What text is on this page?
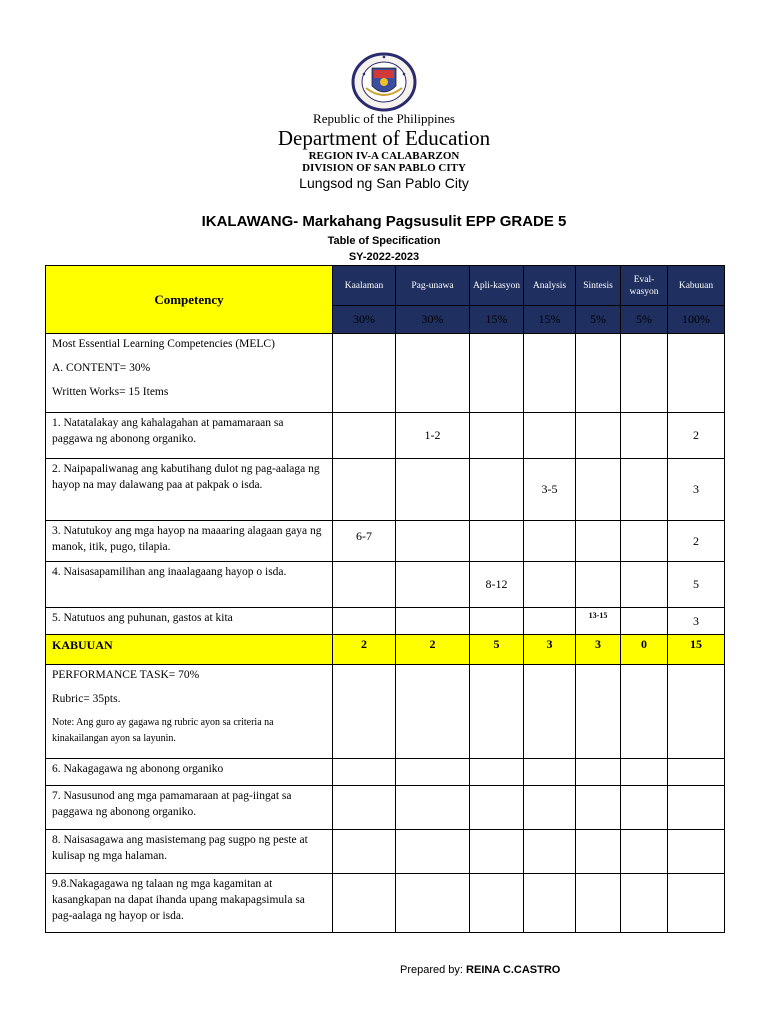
Republic of the Philippines
Department of Education
REGION IV-A CALABARZON
DIVISION OF SAN PABLO CITY
Lungsod ng San Pablo City
IKALAWANG- Markahang Pagsusulit EPP GRADE 5
Table of Specification
SY-2022-2023
Competency	Kaalaman	Pag-unawa	Apli-kasyon	Analysis	Sintesis	Eval-wasyon	Kabuuan
	30%	30%	15%	15%	5%	5%	100%

Most Essential Learning Competencies (MELC)
A. CONTENT= 30%
Written Works= 15 Items							

1. Natatalakay ang kahalagahan at pamamaraan sa paggawa ng abonong organiko.		1-2					2
2. Naipapaliwanag ang kabutihang dulot ng pag-aalaga ng hayop na may dalawang paa at pakpak o isda.				3-5			3
3. Natutukoy ang mga hayop na maaaring alagaan gaya ng manok, itik, pugo, tilapia.	6-7						2
4. Naisasapamilihan ang inaalagaang hayop o isda.			8-12				5
5. Natutuos ang puhunan, gastos at kita					13-15		3
KABUUAN	2	2	5	3	3	0	15

PERFORMANCE TASK= 70%
Rubric= 35pts.
Note: Ang guro ay gagawa ng rubric ayon sa criteria na kinakailangan ayon sa layunin.							

6. Nakagagawa ng abonong organiko							
7. Nasusunod ang mga pamamaraan at pag-iingat sa paggawa ng abonong organiko.							
8. Naisasagawa ang masistemang pag sugpo ng peste at kulisap ng mga halaman.							
9.8.Nakagagawa ng talaan ng mga kagamitan at kasangkapan na dapat ihanda upang makapagsimula sa pag-aalaga ng hayop or isda.							
Prepared by: REINA C.CASTRO
